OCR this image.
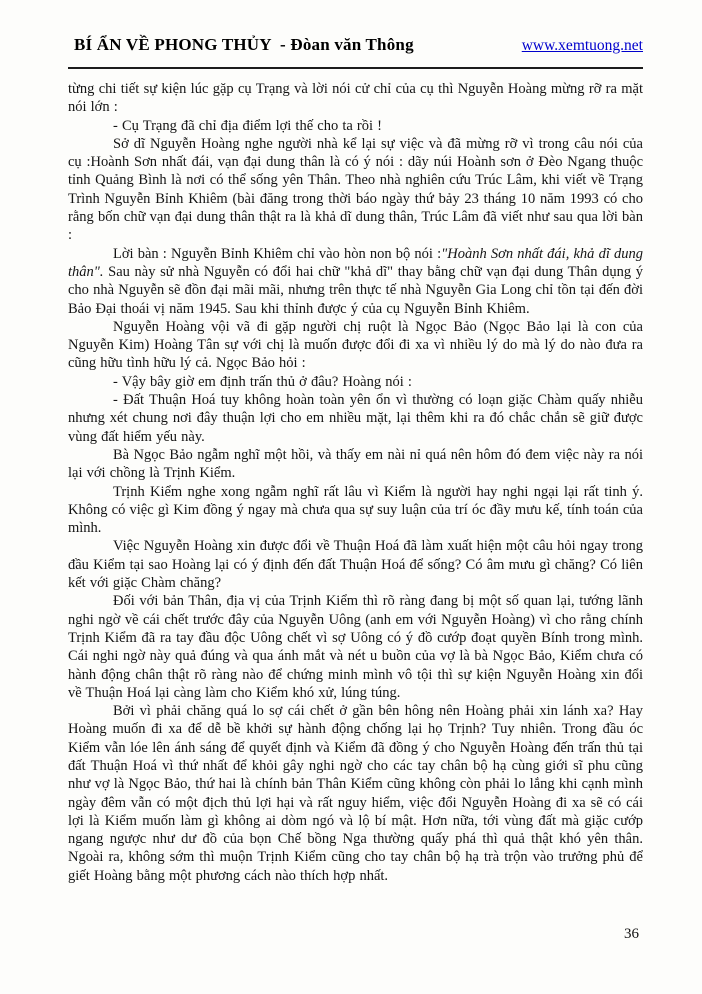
BÍ ẨN VỀ PHONG THỦY  - Đòan văn Thông	www.xemtuong.net

từng chi tiết sự kiện lúc gặp cụ Trạng và lời nói cử chỉ của cụ thì Nguyễn Hoàng mừng rỡ ra mặt nói lớn :

- Cụ Trạng đã chỉ địa điểm lợi thế cho ta rồi !

Sở dĩ Nguyễn Hoàng nghe người nhà kể lại sự việc và đã mừng rỡ vì trong câu nói của cụ :Hoành Sơn nhất đái, vạn đại dung thân là có ý nói : dãy núi Hoành sơn ở Đèo Ngang thuộc tỉnh Quảng Bình là nơi có thể sống yên Thân. Theo nhà nghiên cứu Trúc Lâm, khi viết về Trạng Trình Nguyễn Bỉnh Khiêm (bài đăng trong thời báo ngày thứ bảy 23 tháng 10 năm 1993 có cho rằng bốn chữ vạn đại dung thân thật ra là khả dĩ dung thân, Trúc Lâm đã viết như sau qua lời bàn :

Lời bàn : Nguyễn Bỉnh Khiêm chỉ vào hòn non bộ nói :"Hoành Sơn nhất đái, khả dĩ dung thân". Sau này sử nhà Nguyễn có đổi hai chữ "khả dĩ" thay bằng chữ vạn đại dung Thân dụng ý cho nhà Nguyễn sẽ đồn đại mãi mãi, nhưng trên thực tế nhà Nguyễn Gia Long chỉ tồn tại đến đời Bảo Đại thoái vị năm 1945. Sau khi thỉnh được ý của cụ Nguyễn Bỉnh Khiêm.

Nguyễn Hoàng vội vã đi gặp người chị ruột là Ngọc Bảo (Ngọc Bảo lại là con của Nguyễn Kim) Hoàng Tân sự với chị là muốn được đổi đi xa vì nhiều lý do mà lý do nào đưa ra cũng hữu tình hữu lý cả. Ngọc Bảo hỏi :

- Vậy bây giờ em định trấn thủ ở đâu? Hoàng nói :

- Đất Thuận Hoá tuy không hoàn toàn yên ổn vì thường có loạn giặc Chàm quấy nhiễu nhưng xét chung nơi đây thuận lợi cho em nhiều mặt, lại thêm khi ra đó chắc chắn sẽ giữ được vùng đất hiểm yếu này.

Bà Ngọc Bảo ngẫm nghĩ một hồi, và thấy em nài nỉ quá nên hôm đó đem việc này ra nói lại với chồng là Trịnh Kiểm.

Trịnh Kiểm nghe xong ngẫm nghĩ rất lâu vì Kiểm là người hay nghi ngại lại rất tinh ý. Không có việc gì Kim đồng ý ngay mà chưa qua sự suy luận của trí óc đầy mưu kế, tính toán của mình.

Việc Nguyễn Hoàng xin được đổi về Thuận Hoá đã làm xuất hiện một câu hỏi ngay trong đầu Kiểm tại sao Hoàng lại có ý định đến đất Thuận Hoá để sống? Có âm mưu gì chăng? Có liên kết với giặc Chàm chăng?

Đối với bản Thân, địa vị của Trịnh Kiểm thì rõ ràng đang bị một số quan lại, tướng lãnh nghi ngờ về cái chết trước đây của Nguyễn Uông (anh em với Nguyễn Hoàng) vì cho rằng chính Trịnh Kiểm đã ra tay đầu độc Uông chết vì sợ Uông có ý đồ cướp đoạt quyền Bính trong mình. Cái nghi ngờ này quả đúng và qua ánh mắt và nét u buồn của vợ là bà Ngọc Bảo, Kiểm chưa có hành động chân thật rõ ràng nào để chứng minh mình vô tội thì sự kiện Nguyễn Hoàng xin đổi về Thuận Hoá lại càng làm cho Kiểm khó xử, lúng túng.

Bởi vì phải chăng quá lo sợ cái chết ở gần bên hông nên Hoàng phải xin lánh xa? Hay Hoàng muốn đi xa để dễ bề khởi sự hành động chống lại họ Trịnh? Tuy nhiên. Trong đầu óc Kiểm vẫn lóe lên ánh sáng để quyết định và Kiểm đã đồng ý cho Nguyễn Hoàng đến trấn thủ tại đất Thuận Hoá vì thứ nhất để khỏi gây nghi ngờ cho các tay chân bộ hạ cùng giới sĩ phu cũng như vợ là Ngọc Bảo, thứ hai là chính bản Thân Kiểm cũng không còn phải lo lắng khi cạnh mình ngày đêm vẫn có một địch thủ lợi hại và rất nguy hiểm, việc đổi Nguyễn Hoàng đi xa sẽ có cái lợi là Kiểm muốn làm gì không ai dòm ngó và lộ bí mật. Hơn nữa, tới vùng đất mà giặc cướp ngang ngược như dư đồ của bọn Chế bồng Nga thường quấy phá thì quả thật khó yên thân. Ngoài ra, không sớm thì muộn Trịnh Kiểm cũng cho tay chân bộ hạ trà trộn vào trưởng phủ để giết Hoàng bằng một phương cách nào thích hợp nhất.

36
